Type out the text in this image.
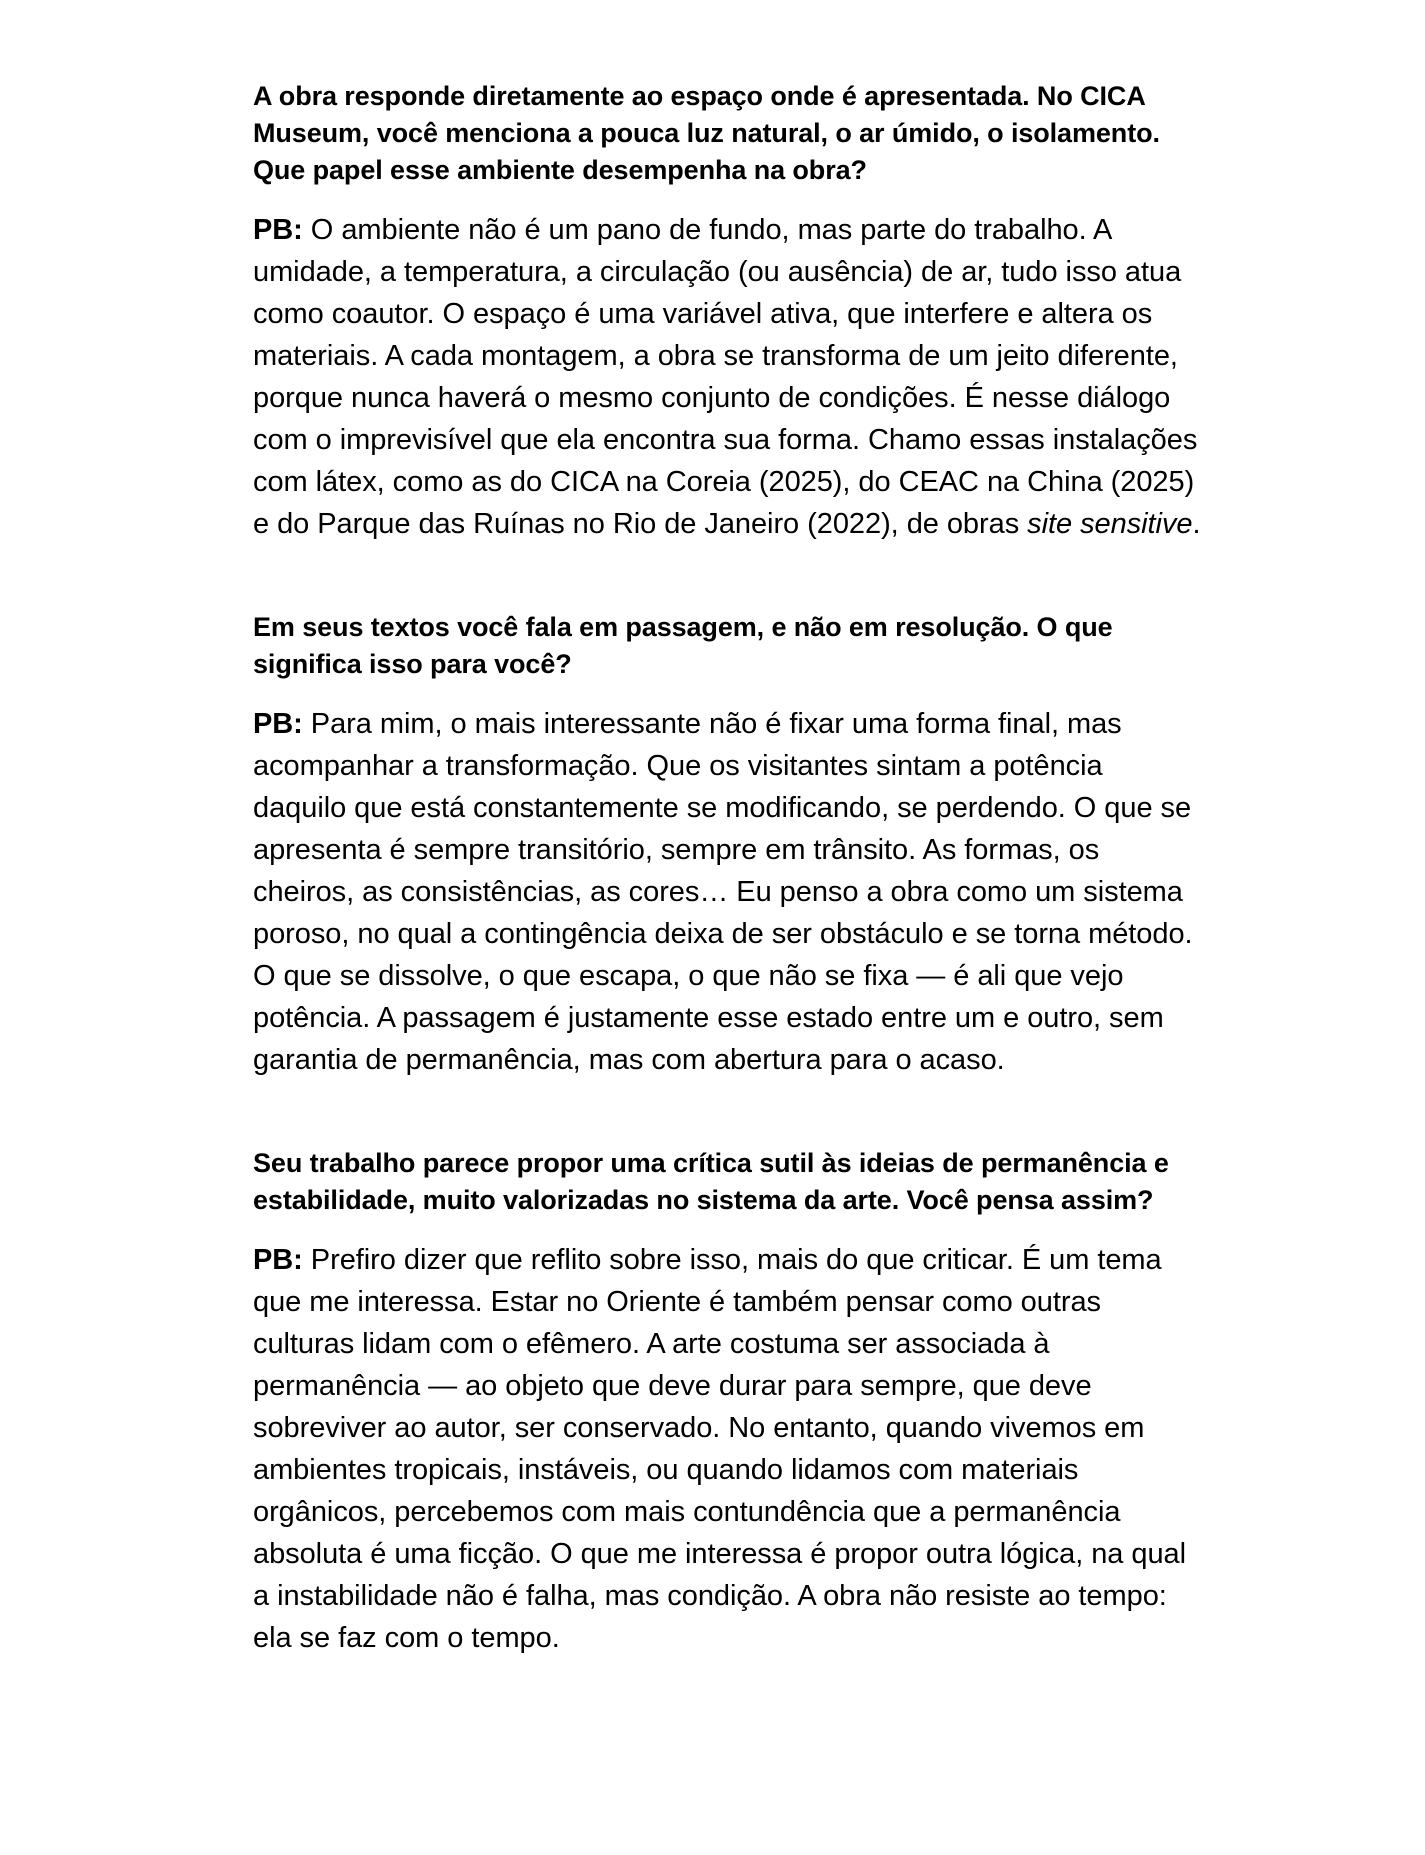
A obra responde diretamente ao espaço onde é apresentada. No CICA Museum, você menciona a pouca luz natural, o ar úmido, o isolamento. Que papel esse ambiente desempenha na obra?

PB: O ambiente não é um pano de fundo, mas parte do trabalho. A umidade, a temperatura, a circulação (ou ausência) de ar, tudo isso atua como coautor. O espaço é uma variável ativa, que interfere e altera os materiais. A cada montagem, a obra se transforma de um jeito diferente, porque nunca haverá o mesmo conjunto de condições. É nesse diálogo com o imprevisível que ela encontra sua forma. Chamo essas instalações com látex, como as do CICA na Coreia (2025), do CEAC na China (2025) e do Parque das Ruínas no Rio de Janeiro (2022), de obras site sensitive.

Em seus textos você fala em passagem, e não em resolução. O que significa isso para você?

PB: Para mim, o mais interessante não é fixar uma forma final, mas acompanhar a transformação. Que os visitantes sintam a potência daquilo que está constantemente se modificando, se perdendo. O que se apresenta é sempre transitório, sempre em trânsito. As formas, os cheiros, as consistências, as cores… Eu penso a obra como um sistema poroso, no qual a contingência deixa de ser obstáculo e se torna método. O que se dissolve, o que escapa, o que não se fixa — é ali que vejo potência. A passagem é justamente esse estado entre um e outro, sem garantia de permanência, mas com abertura para o acaso.

Seu trabalho parece propor uma crítica sutil às ideias de permanência e estabilidade, muito valorizadas no sistema da arte. Você pensa assim?

PB: Prefiro dizer que reflito sobre isso, mais do que criticar. É um tema que me interessa. Estar no Oriente é também pensar como outras culturas lidam com o efêmero. A arte costuma ser associada à permanência — ao objeto que deve durar para sempre, que deve sobreviver ao autor, ser conservado. No entanto, quando vivemos em ambientes tropicais, instáveis, ou quando lidamos com materiais orgânicos, percebemos com mais contundência que a permanência absoluta é uma ficção. O que me interessa é propor outra lógica, na qual a instabilidade não é falha, mas condição. A obra não resiste ao tempo: ela se faz com o tempo.
